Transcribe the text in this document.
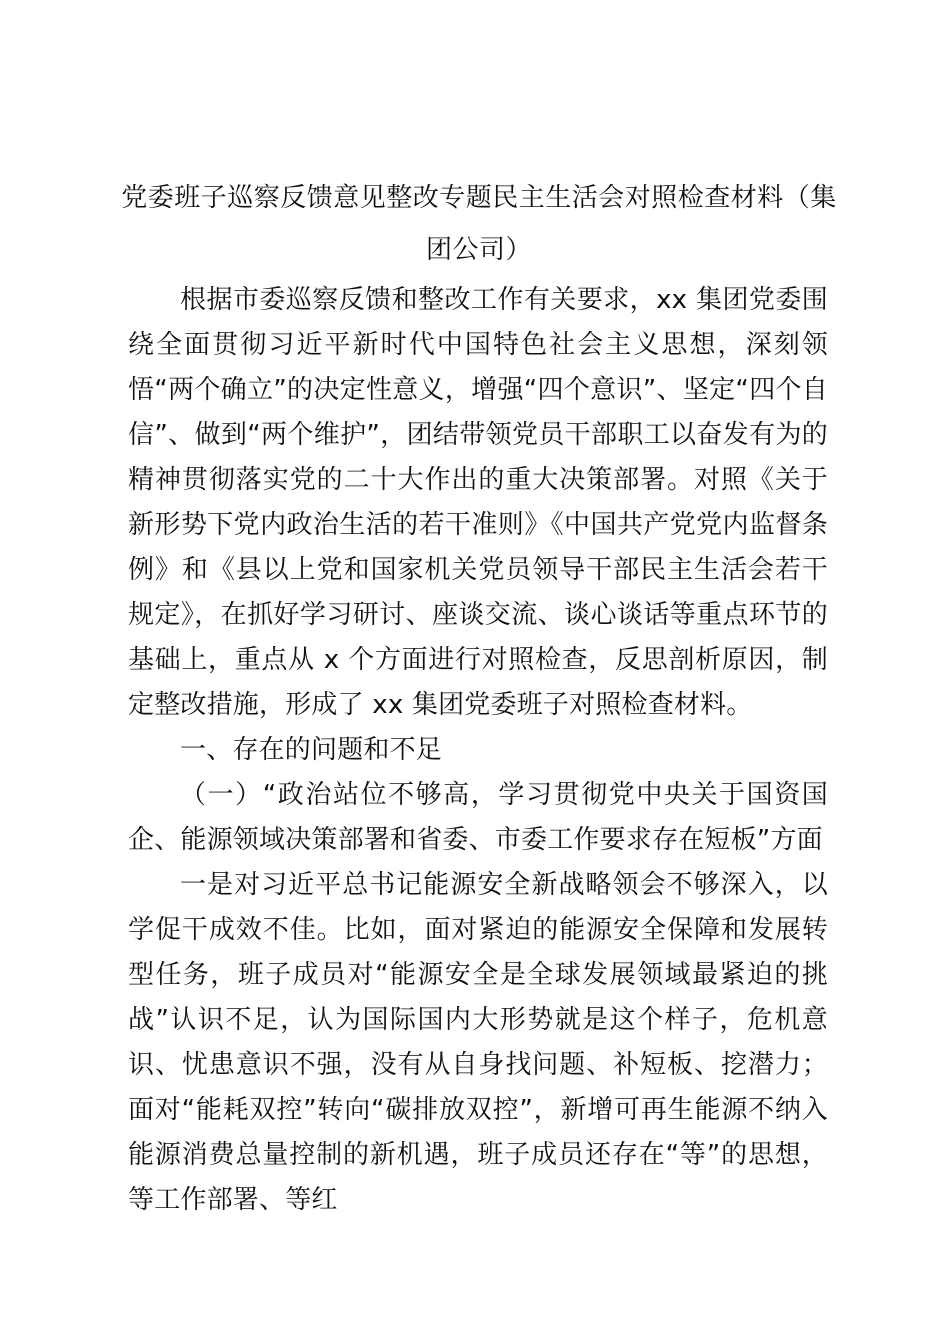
党委班子巡察反馈意见整改专题民主生活会对照检查材料（集团公司）

根据市委巡察反馈和整改工作有关要求，xx 集团党委围绕全面贯彻习近平新时代中国特色社会主义思想，深刻领悟“两个确立”的决定性意义，增强“四个意识”、坚定“四个自信”、做到“两个维护”，团结带领党员干部职工以奋发有为的精神贯彻落实党的二十大作出的重大决策部署。对照《关于新形势下党内政治生活的若干准则》《中国共产党党内监督条例》和《县以上党和国家机关党员领导干部民主生活会若干规定》，在抓好学习研讨、座谈交流、谈心谈话等重点环节的基础上，重点从 x 个方面进行对照检查，反思剖析原因，制定整改措施，形成了 xx 集团党委班子对照检查材料。

一、存在的问题和不足

（一）“政治站位不够高，学习贯彻党中央关于国资国企、能源领域决策部署和省委、市委工作要求存在短板”方面

一是对习近平总书记能源安全新战略领会不够深入，以学促干成效不佳。比如，面对紧迫的能源安全保障和发展转型任务，班子成员对“能源安全是全球发展领域最紧迫的挑战”认识不足，认为国际国内大形势就是这个样子，危机意识、忧患意识不强，没有从自身找问题、补短板、挖潜力；面对“能耗双控”转向“碳排放双控”，新增可再生能源不纳入能源消费总量控制的新机遇，班子成员还存在“等”的思想，等工作部署、等红
